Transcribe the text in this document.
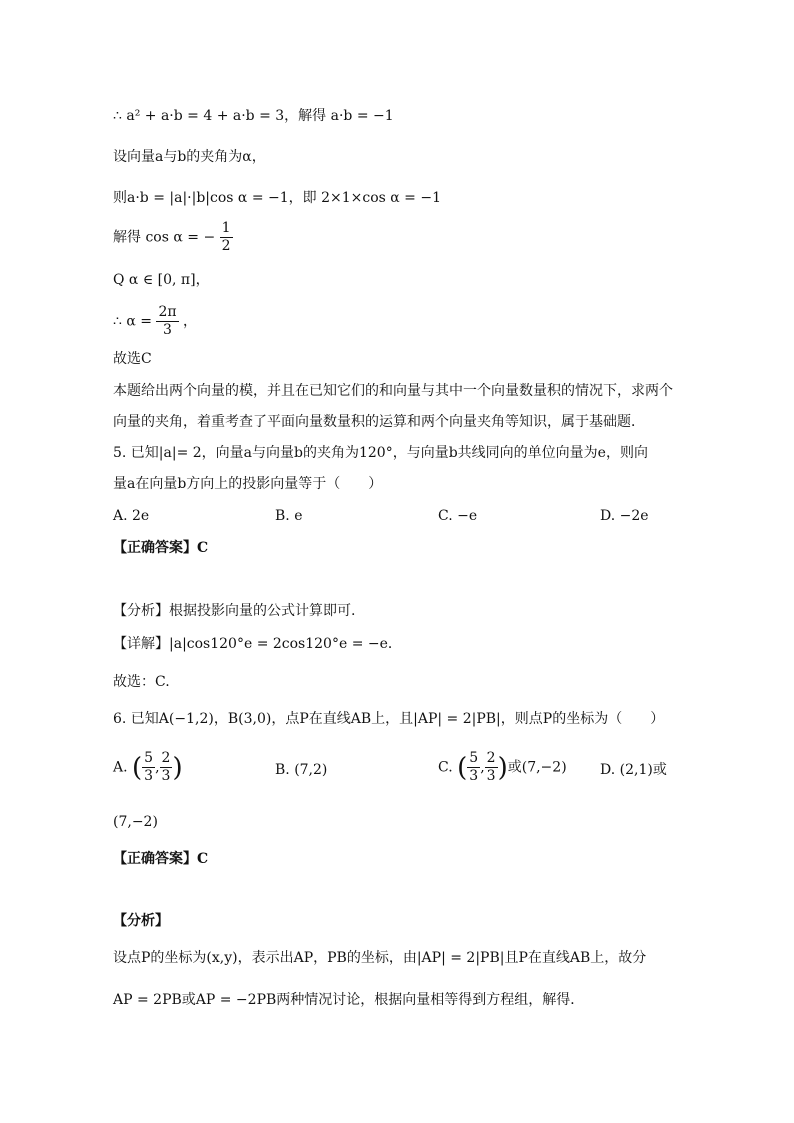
∴ a² + a·b = 4 + a·b = 3，解得 a·b = −1
设向量a与b的夹角为α，
则a·b = |a|·|b|cos α = −1，即 2×1×cos α = −1
解得 cos α = − $\frac{1}{2}$
Q α ∈ [0, π]，
∴ $\alpha = \frac{2\pi}{3}$ ，
故选C
本题给出两个向量的模，并且在已知它们的和向量与其中一个向量数量积的情况下，求两个向量的夹角，着重考查了平面向量数量积的运算和两个向量夹角等知识，属于基础题．
5. 已知|a|= 2，向量a与向量b的夹角为120°，与向量b共线同向的单位向量为e，则向
量a在向量b方向上的投影向量等于（　　）
A. 2e	B. e	C. −e	D. −2e
【正确答案】C
【分析】根据投影向量的公式计算即可.
【详解】|a|cos120°e = 2cos120°e = −e．
故选：C.
6. 已知A(−1,2)，B(3,0)，点P在直线AB上，且|AP| = 2|PB|，则点P的坐标为（　　）
A. ( $\frac{5}{3}$ , $\frac{2}{3}$ )	B. (7,2)	C. ( $\frac{5}{3}$ , $\frac{2}{3}$ )或(7,−2) D. (2,1)或
(7,−2)
【正确答案】C
【分析】
设点P的坐标为(x,y)，表示出AP，PB的坐标，由|AP| = 2|PB|且P在直线AB上，故分
AP = 2PB或AP = −2PB两种情况讨论，根据向量相等得到方程组，解得．
